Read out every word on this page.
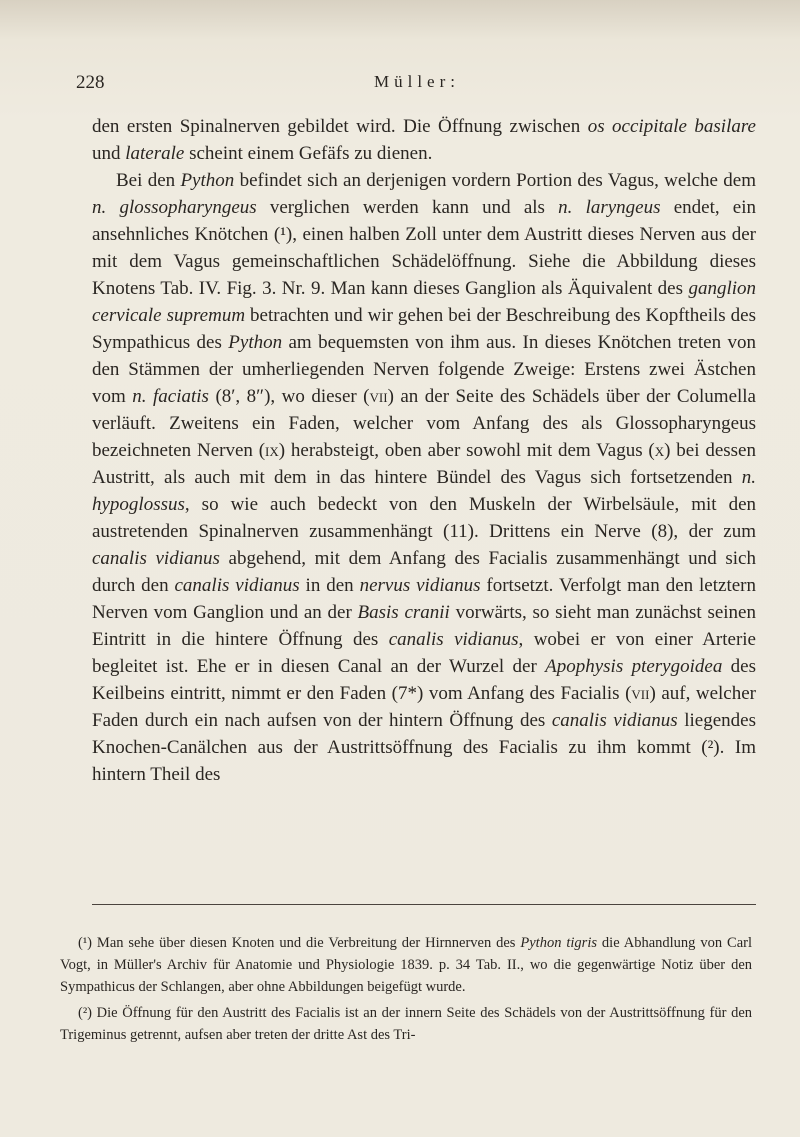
228	Müller:

den ersten Spinalnerven gebildet wird. Die Öffnung zwischen os occipitale basilare und laterale scheint einem Gefäfs zu dienen.

Bei den Python befindet sich an derjenigen vordern Portion des Vagus, welche dem n. glossopharyngeus verglichen werden kann und als n. laryngeus endet, ein ansehnliches Knötchen (¹), einen halben Zoll unter dem Austritt dieses Nerven aus der mit dem Vagus gemeinschaftlichen Schädelöffnung. Siehe die Abbildung dieses Knotens Tab. IV. Fig. 3. Nr. 9. Man kann dieses Ganglion als Äquivalent des ganglion cervicale supremum betrachten und wir gehen bei der Beschreibung des Kopftheils des Sympathicus des Python am bequemsten von ihm aus. In dieses Knötchen treten von den Stämmen der umherliegenden Nerven folgende Zweige: Erstens zwei Ästchen vom n. faciatis (8′, 8″), wo dieser (vii) an der Seite des Schädels über der Columella verläuft. Zweitens ein Faden, welcher vom Anfang des als Glossopharyngeus bezeichneten Nerven (ix) herabsteigt, oben aber sowohl mit dem Vagus (x) bei dessen Austritt, als auch mit dem in das hintere Bündel des Vagus sich fortsetzenden n. hypoglossus, so wie auch bedeckt von den Muskeln der Wirbelsäule, mit den austretenden Spinalnerven zusammenhängt (11). Drittens ein Nerve (8), der zum canalis vidianus abgehend, mit dem Anfang des Facialis zusammenhängt und sich durch den canalis vidianus in den nervus vidianus fortsetzt. Verfolgt man den letztern Nerven vom Ganglion und an der Basis cranii vorwärts, so sieht man zunächst seinen Eintritt in die hintere Öffnung des canalis vidianus, wobei er von einer Arterie begleitet ist. Ehe er in diesen Canal an der Wurzel der Apophysis pterygoidea des Keilbeins eintritt, nimmt er den Faden (7*) vom Anfang des Facialis (vii) auf, welcher Faden durch ein nach aufsen von der hintern Öffnung des canalis vidianus liegendes Knochen-Canälchen aus der Austrittsöffnung des Facialis zu ihm kommt (²). Im hintern Theil des

(¹) Man sehe über diesen Knoten und die Verbreitung der Hirnnerven des Python tigris die Abhandlung von Carl Vogt, in Müller's Archiv für Anatomie und Physiologie 1839. p. 34 Tab. II., wo die gegenwärtige Notiz über den Sympathicus der Schlangen, aber ohne Abbildungen beigefügt wurde.

(²) Die Öffnung für den Austritt des Facialis ist an der innern Seite des Schädels von der Austrittsöffnung für den Trigeminus getrennt, aufsen aber treten der dritte Ast des Tri-
